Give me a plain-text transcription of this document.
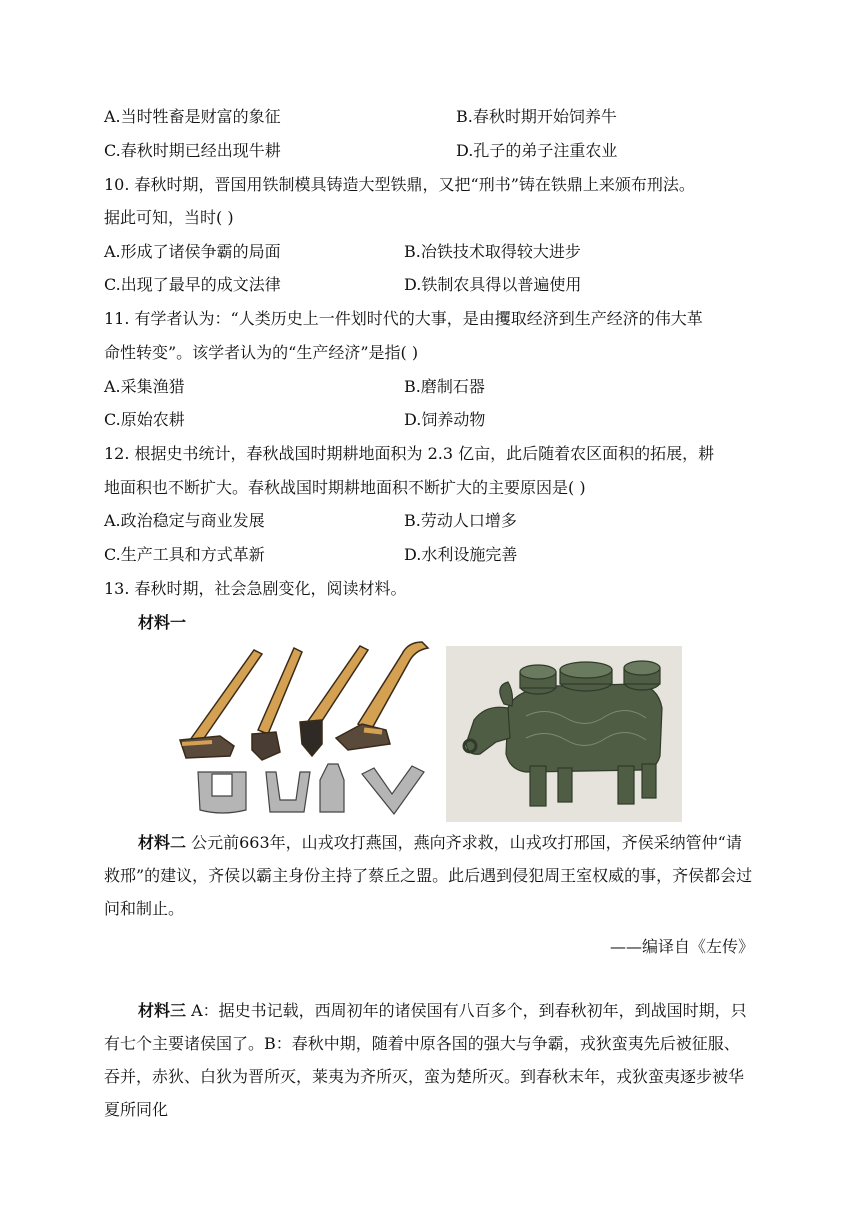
A.当时牲畜是财富的象征	B.春秋时期开始饲养牛
C.春秋时期已经出现牛耕	D.孔子的弟子注重农业
10. 春秋时期，晋国用铁制模具铸造大型铁鼎，又把“刑书”铸在铁鼎上来颁布刑法。
据此可知，当时( )
A.形成了诸侯争霸的局面	B.冶铁技术取得较大进步
C.出现了最早的成文法律	D.铁制农具得以普遍使用
11. 有学者认为：“人类历史上一件划时代的大事，是由攫取经济到生产经济的伟大革
命性转变”。该学者认为的“生产经济”是指( )
A.采集渔猎	B.磨制石器
C.原始农耕	D.饲养动物
12. 根据史书统计，春秋战国时期耕地面积为 2.3 亿亩，此后随着农区面积的拓展，耕
地面积也不断扩大。春秋战国时期耕地面积不断扩大的主要原因是( )
A.政治稳定与商业发展	B.劳动人口增多
C.生产工具和方式革新	D.水利设施完善
13. 春秋时期，社会急剧变化，阅读材料。
材料一
材料二 公元前663年，山戎攻打燕国，燕向齐求救，山戎攻打邢国，齐侯采纳管仲“请救邢”的建议，齐侯以霸主身份主持了蔡丘之盟。此后遇到侵犯周王室权威的事，齐侯都会过问和制止。
——编译自《左传》
材料三 A：据史书记载，西周初年的诸侯国有八百多个，到春秋初年，到战国时期，只有七个主要诸侯国了。B：春秋中期，随着中原各国的强大与争霸，戎狄蛮夷先后被征服、吞并，赤狄、白狄为晋所灭，莱夷为齐所灭，蛮为楚所灭。到春秋末年，戎狄蛮夷逐步被华夏所同化
